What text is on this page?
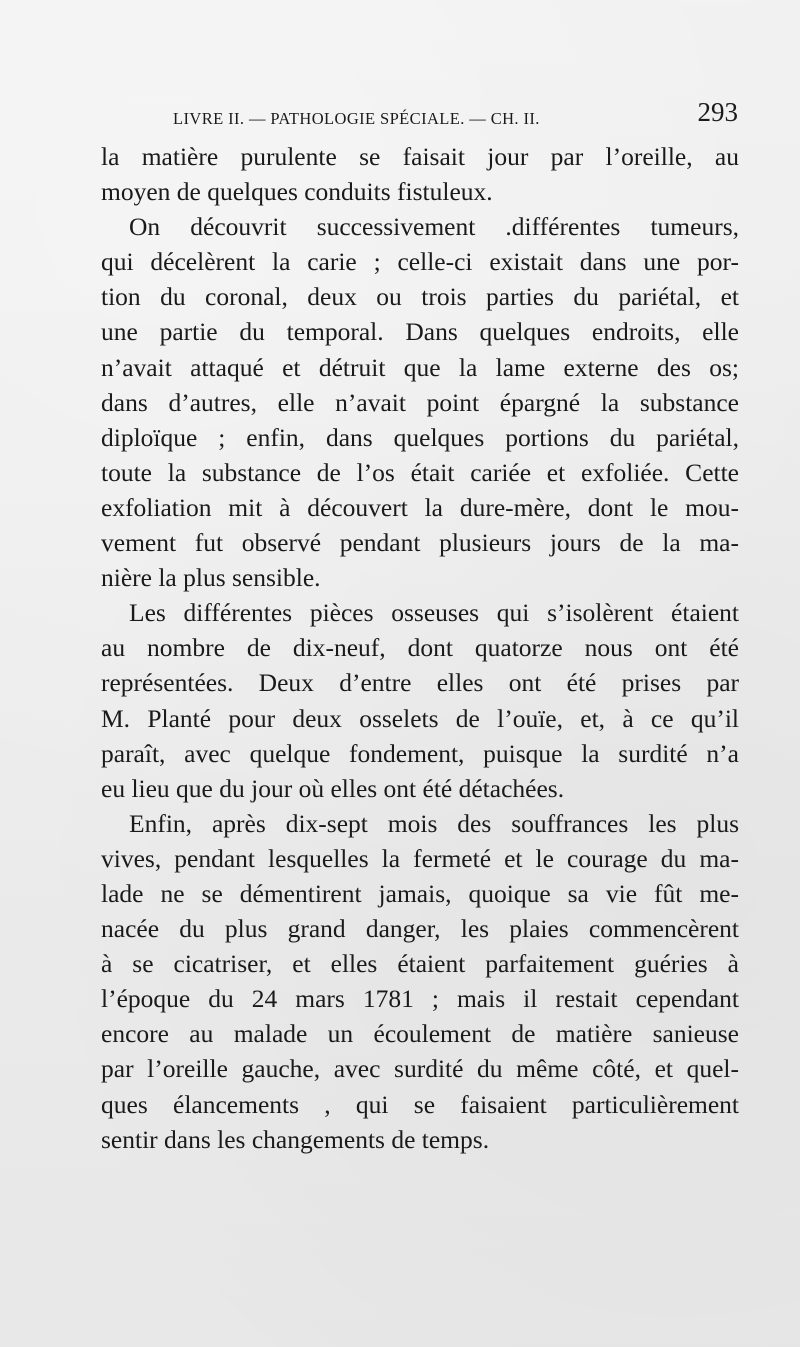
LIVRE II. — PATHOLOGIE SPÉCIALE. — CH. II.	293
la matière purulente se faisait jour par l’oreille, au
moyen de quelques conduits fistuleux.
On découvrit successivement .différentes tumeurs,
qui décelèrent la carie ; celle-ci existait dans une por-
tion du coronal, deux ou trois parties du pariétal, et
une partie du temporal. Dans quelques endroits, elle
n’avait attaqué et détruit que la lame externe des os;
dans d’autres, elle n’avait point épargné la substance
diploïque ; enfin, dans quelques portions du pariétal,
toute la substance de l’os était cariée et exfoliée. Cette
exfoliation mit à découvert la dure-mère, dont le mou-
vement fut observé pendant plusieurs jours de la ma-
nière la plus sensible.
Les différentes pièces osseuses qui s’isolèrent étaient
au nombre de dix-neuf, dont quatorze nous ont été
représentées. Deux d’entre elles ont été prises par
M. Planté pour deux osselets de l’ouïe, et, à ce qu’il
paraît, avec quelque fondement, puisque la surdité n’a
eu lieu que du jour où elles ont été détachées.
Enfin, après dix-sept mois des souffrances les plus
vives, pendant lesquelles la fermeté et le courage du ma-
lade ne se démentirent jamais, quoique sa vie fût me-
nacée du plus grand danger, les plaies commencèrent
à se cicatriser, et elles étaient parfaitement guéries à
l’époque du 24 mars 1781 ; mais il restait cependant
encore au malade un écoulement de matière sanieuse
par l’oreille gauche, avec surdité du même côté, et quel-
ques élancements , qui se faisaient particulièrement
sentir dans les changements de temps.
